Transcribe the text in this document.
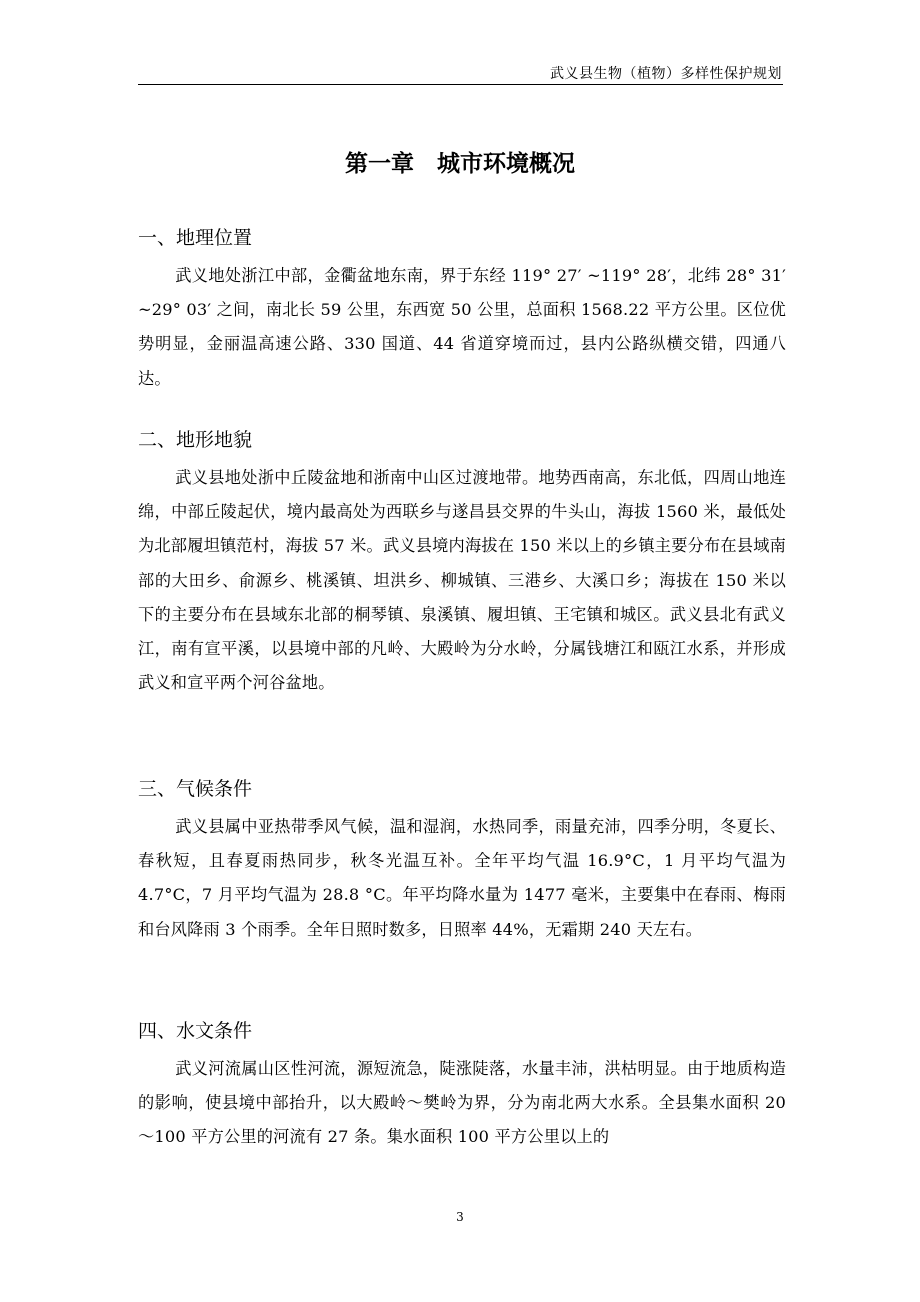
武义县生物（植物）多样性保护规划
第一章　城市环境概况
一、地理位置

武义地处浙江中部，金衢盆地东南，界于东经 119° 27′ ~119° 28′，北纬 28° 31′ ~29° 03′ 之间，南北长 59 公里，东西宽 50 公里，总面积 1568.22 平方公里。区位优势明显，金丽温高速公路、330 国道、44 省道穿境而过，县内公路纵横交错，四通八达。

二、地形地貌

武义县地处浙中丘陵盆地和浙南中山区过渡地带。地势西南高，东北低，四周山地连绵，中部丘陵起伏，境内最高处为西联乡与遂昌县交界的牛头山，海拔 1560 米，最低处为北部履坦镇范村，海拔 57 米。武义县境内海拔在 150 米以上的乡镇主要分布在县域南部的大田乡、俞源乡、桃溪镇、坦洪乡、柳城镇、三港乡、大溪口乡；海拔在 150 米以下的主要分布在县域东北部的桐琴镇、泉溪镇、履坦镇、王宅镇和城区。武义县北有武义江，南有宣平溪，以县境中部的凡岭、大殿岭为分水岭，分属钱塘江和瓯江水系，并形成武义和宣平两个河谷盆地。

三、气候条件

武义县属中亚热带季风气候，温和湿润，水热同季，雨量充沛，四季分明，冬夏长、春秋短，且春夏雨热同步，秋冬光温互补。全年平均气温 16.9°C，1 月平均气温为 4.7°C，7 月平均气温为 28.8 °C。年平均降水量为 1477 毫米，主要集中在春雨、梅雨和台风降雨 3 个雨季。全年日照时数多，日照率 44%，无霜期 240 天左右。

四、水文条件

武义河流属山区性河流，源短流急，陡涨陡落，水量丰沛，洪枯明显。由于地质构造的影响，使县境中部抬升，以大殿岭～樊岭为界，分为南北两大水系。全县集水面积 20～100 平方公里的河流有 27 条。集水面积 100 平方公里以上的

3
